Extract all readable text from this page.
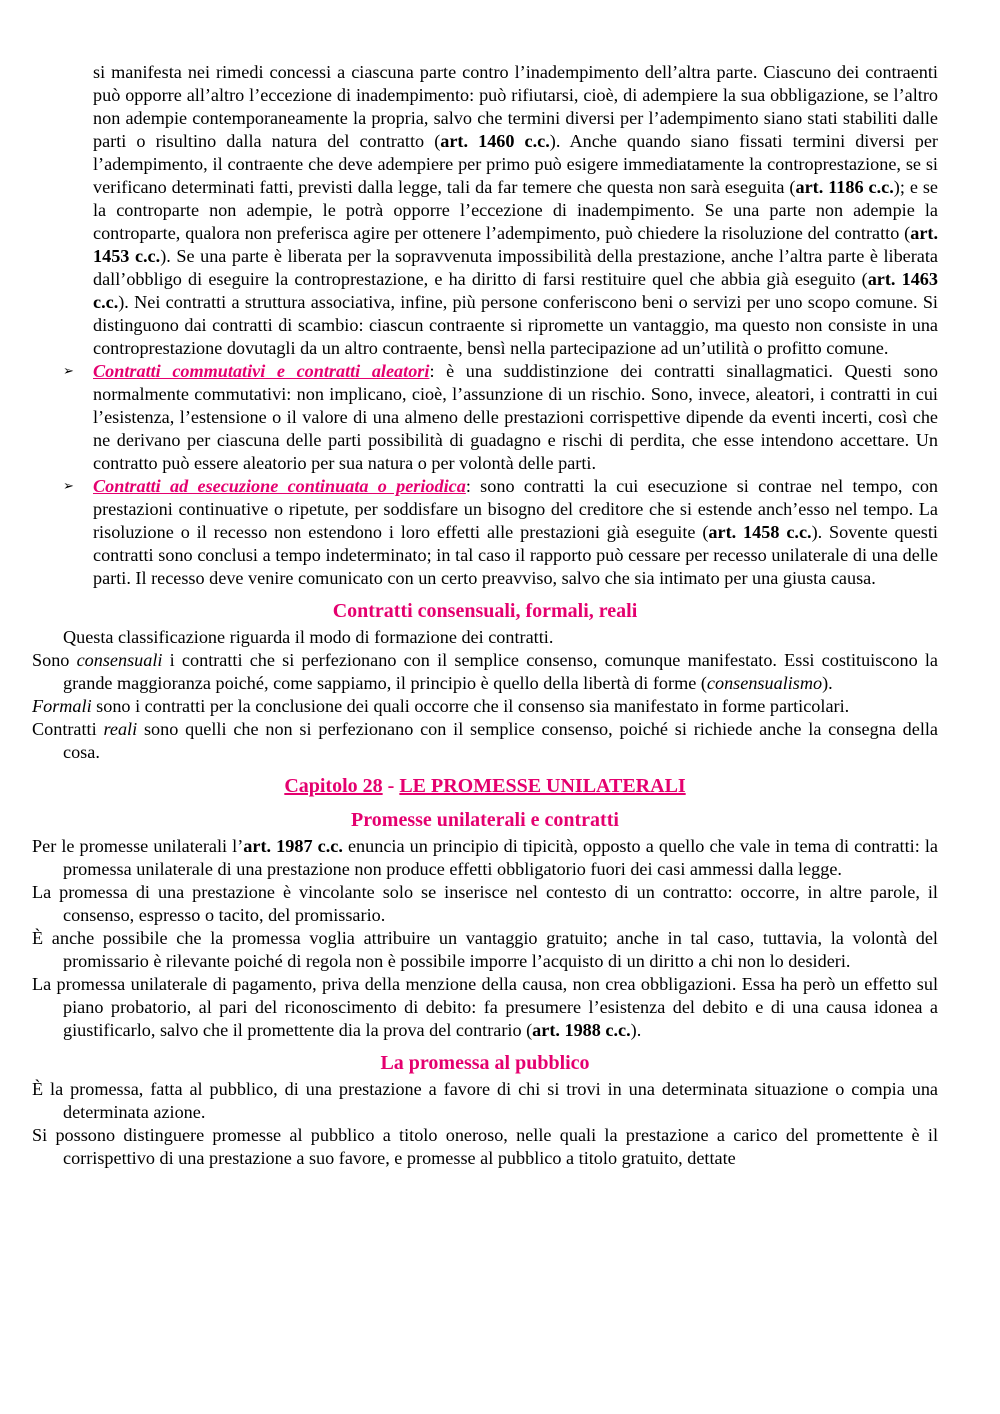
si manifesta nei rimedi concessi a ciascuna parte contro l’inadempimento dell’altra parte. Ciascuno dei contraenti può opporre all’altro l’eccezione di inadempimento: può rifiutarsi, cioè, di adempiere la sua obbligazione, se l’altro non adempie contemporaneamente la propria, salvo che termini diversi per l’adempimento siano stati stabiliti dalle parti o risultino dalla natura del contratto (art. 1460 c.c.). Anche quando siano fissati termini diversi per l’adempimento, il contraente che deve adempiere per primo può esigere immediatamente la controprestazione, se si verificano determinati fatti, previsti dalla legge, tali da far temere che questa non sarà eseguita (art. 1186 c.c.); e se la controparte non adempie, le potrà opporre l’eccezione di inadempimento. Se una parte non adempie la controparte, qualora non preferisca agire per ottenere l’adempimento, può chiedere la risoluzione del contratto (art. 1453 c.c.). Se una parte è liberata per la sopravvenuta impossibilità della prestazione, anche l’altra parte è liberata dall’obbligo di eseguire la controprestazione, e ha diritto di farsi restituire quel che abbia già eseguito (art. 1463 c.c.). Nei contratti a struttura associativa, infine, più persone conferiscono beni o servizi per uno scopo comune. Si distinguono dai contratti di scambio: ciascun contraente si ripromette un vantaggio, ma questo non consiste in una controprestazione dovutagli da un altro contraente, bensì nella partecipazione ad un’utilità o profitto comune.

➢ Contratti commutativi e contratti aleatori: è una suddistinzione dei contratti sinallagmatici. Questi sono normalmente commutativi: non implicano, cioè, l’assunzione di un rischio. Sono, invece, aleatori, i contratti in cui l’esistenza, l’estensione o il valore di una almeno delle prestazioni corrispettive dipende da eventi incerti, così che ne derivano per ciascuna delle parti possibilità di guadagno e rischi di perdita, che esse intendono accettare. Un contratto può essere aleatorio per sua natura o per volontà delle parti.

➢ Contratti ad esecuzione continuata o periodica: sono contratti la cui esecuzione si contrae nel tempo, con prestazioni continuative o ripetute, per soddisfare un bisogno del creditore che si estende anch’esso nel tempo. La risoluzione o il recesso non estendono i loro effetti alle prestazioni già eseguite (art. 1458 c.c.). Sovente questi contratti sono conclusi a tempo indeterminato; in tal caso il rapporto può cessare per recesso unilaterale di una delle parti. Il recesso deve venire comunicato con un certo preavviso, salvo che sia intimato per una giusta causa.

Contratti consensuali, formali, reali

Questa classificazione riguarda il modo di formazione dei contratti.

Sono consensuali i contratti che si perfezionano con il semplice consenso, comunque manifestato. Essi costituiscono la grande maggioranza poiché, come sappiamo, il principio è quello della libertà di forme (consensualismo).

Formali sono i contratti per la conclusione dei quali occorre che il consenso sia manifestato in forme particolari.

Contratti reali sono quelli che non si perfezionano con il semplice consenso, poiché si richiede anche la consegna della cosa.

Capitolo 28 - LE PROMESSE UNILATERALI
Promesse unilaterali e contratti

Per le promesse unilaterali l’art. 1987 c.c. enuncia un principio di tipicità, opposto a quello che vale in tema di contratti: la promessa unilaterale di una prestazione non produce effetti obbligatorio fuori dei casi ammessi dalla legge.

La promessa di una prestazione è vincolante solo se inserisce nel contesto di un contratto: occorre, in altre parole, il consenso, espresso o tacito, del promissario.

È anche possibile che la promessa voglia attribuire un vantaggio gratuito; anche in tal caso, tuttavia, la volontà del promissario è rilevante poiché di regola non è possibile imporre l’acquisto di un diritto a chi non lo desideri.

La promessa unilaterale di pagamento, priva della menzione della causa, non crea obbligazioni. Essa ha però un effetto sul piano probatorio, al pari del riconoscimento di debito: fa presumere l’esistenza del debito e di una causa idonea a giustificarlo, salvo che il promettente dia la prova del contrario (art. 1988 c.c.).

La promessa al pubblico

È la promessa, fatta al pubblico, di una prestazione a favore di chi si trovi in una determinata situazione o compia una determinata azione.

Si possono distinguere promesse al pubblico a titolo oneroso, nelle quali la prestazione a carico del promettente è il corrispettivo di una prestazione a suo favore, e promesse al pubblico a titolo gratuito, dettate
